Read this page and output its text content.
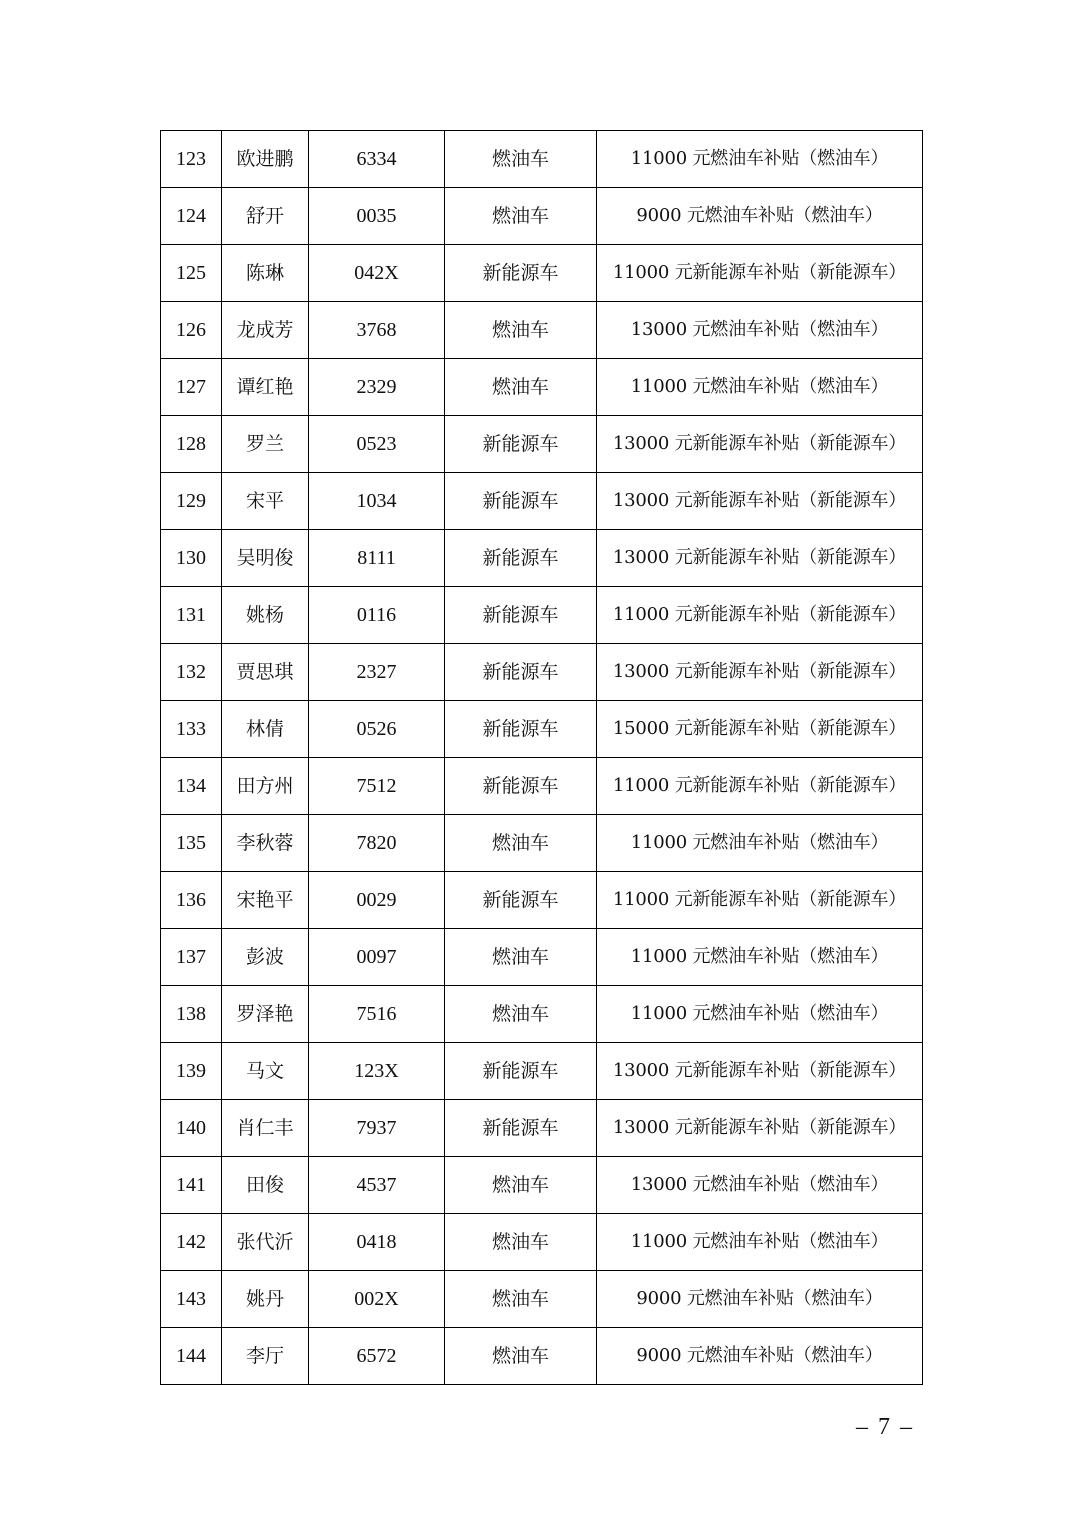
123	欧进鹏	6334	燃油车	11000 元燃油车补贴（燃油车）
124	舒开	0035	燃油车	9000 元燃油车补贴（燃油车）
125	陈琳	042X	新能源车	11000 元新能源车补贴（新能源车）
126	龙成芳	3768	燃油车	13000 元燃油车补贴（燃油车）
127	谭红艳	2329	燃油车	11000 元燃油车补贴（燃油车）
128	罗兰	0523	新能源车	13000 元新能源车补贴（新能源车）
129	宋平	1034	新能源车	13000 元新能源车补贴（新能源车）
130	吴明俊	8111	新能源车	13000 元新能源车补贴（新能源车）
131	姚杨	0116	新能源车	11000 元新能源车补贴（新能源车）
132	贾思琪	2327	新能源车	13000 元新能源车补贴（新能源车）
133	林倩	0526	新能源车	15000 元新能源车补贴（新能源车）
134	田方州	7512	新能源车	11000 元新能源车补贴（新能源车）
135	李秋蓉	7820	燃油车	11000 元燃油车补贴（燃油车）
136	宋艳平	0029	新能源车	11000 元新能源车补贴（新能源车）
137	彭波	0097	燃油车	11000 元燃油车补贴（燃油车）
138	罗泽艳	7516	燃油车	11000 元燃油车补贴（燃油车）
139	马文	123X	新能源车	13000 元新能源车补贴（新能源车）
140	肖仁丰	7937	新能源车	13000 元新能源车补贴（新能源车）
141	田俊	4537	燃油车	13000 元燃油车补贴（燃油车）
142	张代沂	0418	燃油车	11000 元燃油车补贴（燃油车）
143	姚丹	002X	燃油车	9000 元燃油车补贴（燃油车）
144	李厅	6572	燃油车	9000 元燃油车补贴（燃油车）
– 7 –
